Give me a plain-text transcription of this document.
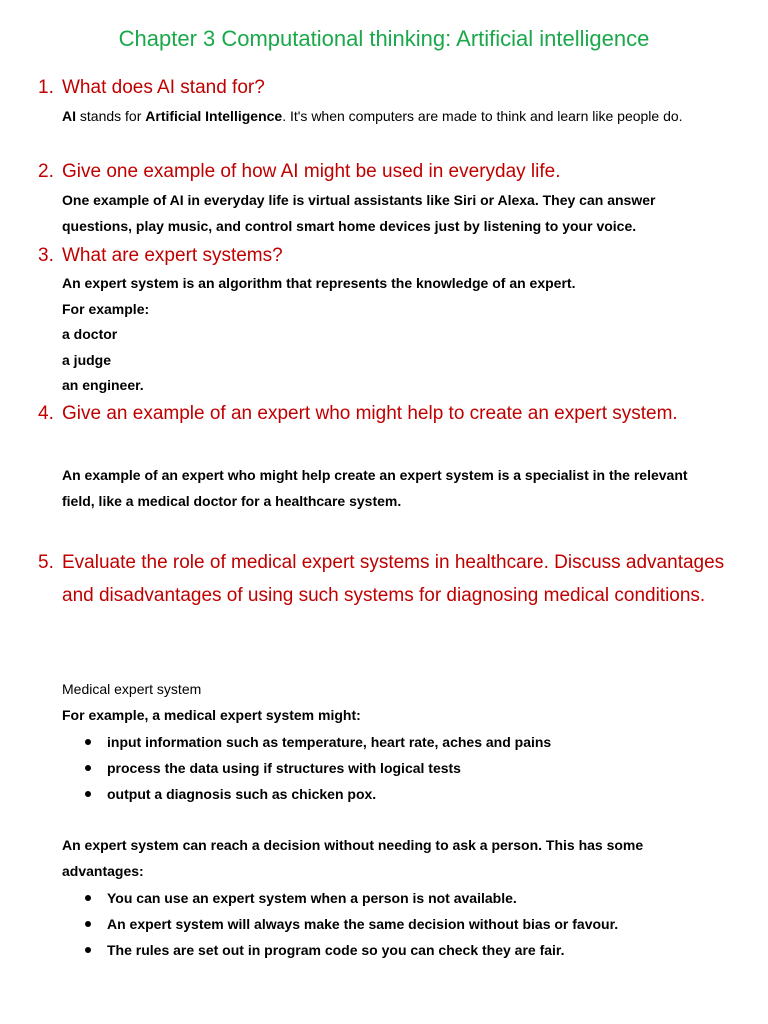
Chapter 3 Computational thinking: Artificial intelligence
1. What does AI stand for?
AI stands for Artificial Intelligence. It's when computers are made to think and learn like people do.
2. Give one example of how AI might be used in everyday life.
One example of AI in everyday life is virtual assistants like Siri or Alexa. They can answer questions, play music, and control smart home devices just by listening to your voice.
3. What are expert systems?
An expert system is an algorithm that represents the knowledge of an expert.
For example:
a doctor
a judge
an engineer.
4. Give an example of an expert who might help to create an expert system.
An example of an expert who might help create an expert system is a specialist in the relevant field, like a medical doctor for a healthcare system.
5. Evaluate the role of medical expert systems in healthcare. Discuss advantages and disadvantages of using such systems for diagnosing medical conditions.
Medical expert system
For example, a medical expert system might:
input information such as temperature, heart rate, aches and pains
process the data using if structures with logical tests
output a diagnosis such as chicken pox.
An expert system can reach a decision without needing to ask a person. This has some advantages:
You can use an expert system when a person is not available.
An expert system will always make the same decision without bias or favour.
The rules are set out in program code so you can check they are fair.
